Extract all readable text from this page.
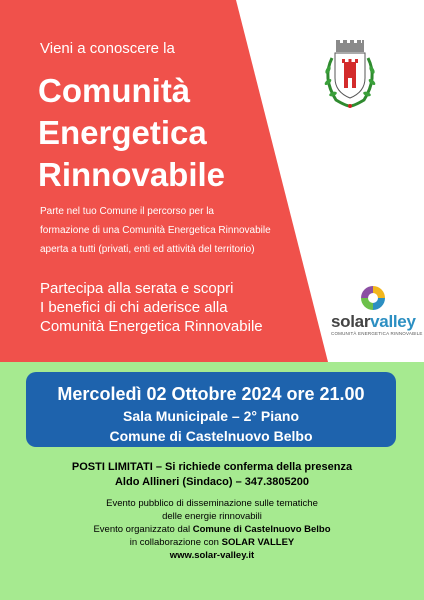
Vieni a conoscere la
Comunità
Energetica
Rinnovabile
Parte nel tuo Comune il percorso per la
formazione di una Comunità Energetica Rinnovabile
aperta a tutti (privati, enti ed attività del territorio)
Partecipa alla serata e scopri
I benefici di chi aderisce alla
Comunità Energetica Rinnovabile	solarvalley
COMUNITÀ ENERGETICA RINNOVABILE
Mercoledì 02 Ottobre 2024 ore 21.00
Sala Municipale – 2° Piano
Comune di Castelnuovo Belbo
POSTI LIMITATI – Si richiede conferma della presenza
Aldo Allineri (Sindaco) – 347.3805200
Evento pubblico di disseminazione sulle tematiche
delle energie rinnovabili
Evento organizzato dal Comune di Castelnuovo Belbo
in collaborazione con SOLAR VALLEY
www.solar-valley.it
